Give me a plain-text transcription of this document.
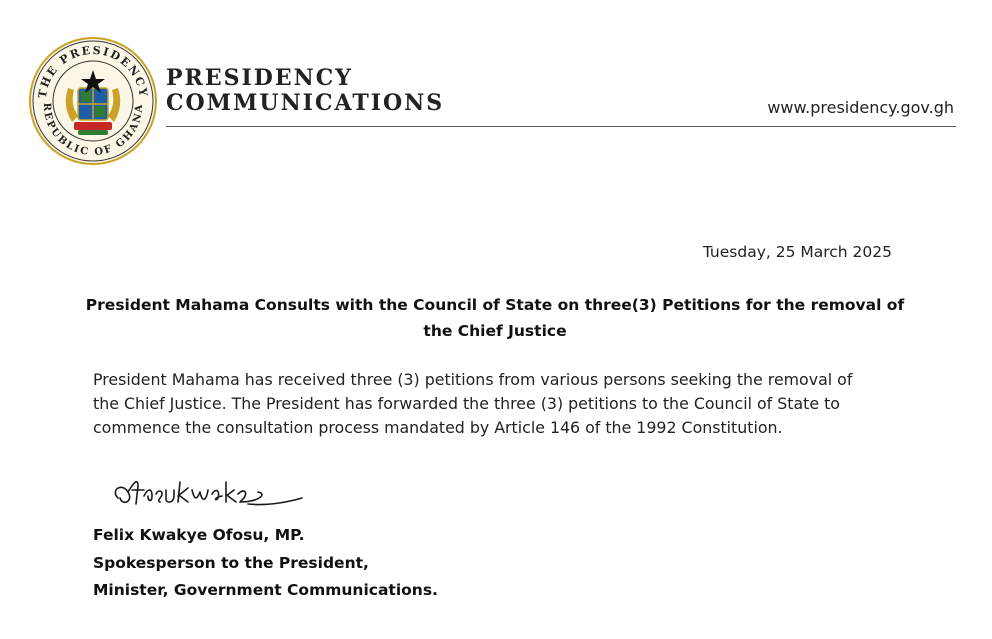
THE PRESIDENCY
REPUBLIC OF GHANA
PRESIDENCY
COMMUNICATIONS	www.presidency.gov.gh
Tuesday, 25 March 2025
President Mahama Consults with the Council of State on three(3) Petitions for the removal of
the Chief Justice

President Mahama has received three (3) petitions from various persons seeking the removal of

the Chief Justice. The President has forwarded the three (3) petitions to the Council of State to

commence the consultation process mandated by Article 146 of the 1992 Constitution.

Felix Kwakye Ofosu, MP.
Spokesperson to the President,
Minister, Government Communications.
